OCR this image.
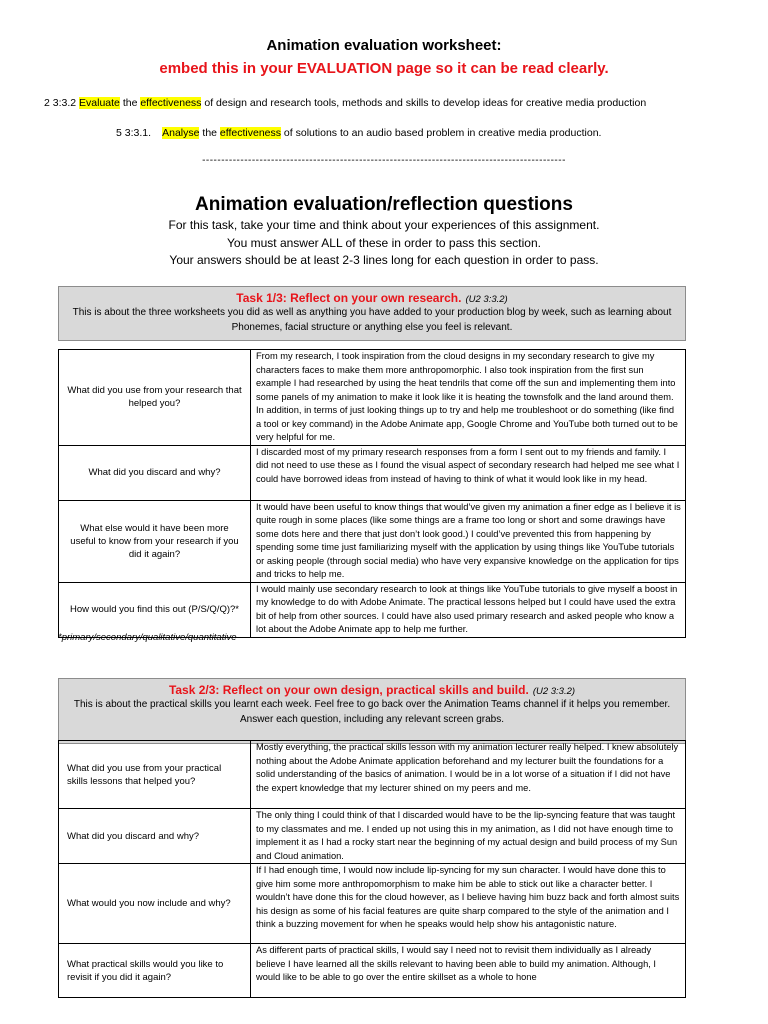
Animation evaluation worksheet:
embed this in your EVALUATION page so it can be read clearly.
2 3:3.2 Evaluate the effectiveness of design and research tools, methods and skills to develop ideas for creative media production
5 3:3.1.    Analyse the effectiveness of solutions to an audio based problem in creative media production.
-----------------------------------------------------------------------------------------------
Animation evaluation/reflection questions
For this task, take your time and think about your experiences of this assignment.
You must answer ALL of these in order to pass this section.
Your answers should be at least 2-3 lines long for each question in order to pass.
Task 1/3: Reflect on your own research. (U2 3:3.2)
This is about the three worksheets you did as well as anything you have added to your production blog by week, such as learning about Phonemes, facial structure or anything else you feel is relevant.
What did you use from your research that helped you?	From my research, I took inspiration from the cloud designs in my secondary research to give my characters faces to make them more anthropomorphic. I also took inspiration from the first sun example I had researched by using the heat tendrils that come off the sun and implementing them into some panels of my animation to make it look like it is heating the townsfolk and the land around them. In addition, in terms of just looking things up to try and help me troubleshoot or do something (like find a tool or key command) in the Adobe Animate app, Google Chrome and YouTube both turned out to be very helpful for me.
What did you discard and why?	I discarded most of my primary research responses from a form I sent out to my friends and family. I did not need to use these as I found the visual aspect of secondary research had helped me see what I could have borrowed ideas from instead of having to think of what it would look like in my head.
What else would it have been more useful to know from your research if you did it again?	It would have been useful to know things that would’ve given my animation a finer edge as I believe it is quite rough in some places (like some things are a frame too long or short and some drawings have some dots here and there that just don’t look good.) I could’ve prevented this from happening by spending some time just familiarizing myself with the application by using things like YouTube tutorials or asking people (through social media) who have very expansive knowledge on the application for tips and tricks to help me.
How would you find this out (P/S/Q/Q)?*	I would mainly use secondary research to look at things like YouTube tutorials to give myself a boost in my knowledge to do with Adobe Animate. The practical lessons helped but I could have used the extra bit of help from other sources. I could have also used primary research and asked people who know a lot about the Adobe Animate app to help me further.
*primary/secondary/qualitative/quantitative
Task 2/3: Reflect on your own design, practical skills and build. (U2 3:3.2)
This is about the practical skills you learnt each week. Feel free to go back over the Animation Teams channel if it helps you remember. Answer each question, including any relevant screen grabs.
What did you use from your practical skills lessons that helped you?	Mostly everything, the practical skills lesson with my animation lecturer really helped. I knew absolutely nothing about the Adobe Animate application beforehand and my lecturer built the foundations for a solid understanding of the basics of animation. I would be in a lot worse of a situation if I did not have the expert knowledge that my lecturer shined on my peers and me.
What did you discard and why?	The only thing I could think of that I discarded would have to be the lip-syncing feature that was taught to my classmates and me. I ended up not using this in my animation, as I did not have enough time to implement it as I had a rocky start near the beginning of my actual design and build process of my Sun and Cloud animation.
What would you now include and why?	If I had enough time, I would now include lip-syncing for my sun character. I would have done this to give him some more anthropomorphism to make him be able to stick out like a character better. I wouldn’t have done this for the cloud however, as I believe having him buzz back and forth almost suits his design as some of his facial features are quite sharp compared to the style of the animation and I think a buzzing movement for when he speaks would help show his antagonistic nature.
What practical skills would you like to revisit if you did it again?	As different parts of practical skills, I would say I need not to revisit them individually as I already believe I have learned all the skills relevant to having been able to build my animation. Although, I would like to be able to go over the entire skillset as a whole to hone
